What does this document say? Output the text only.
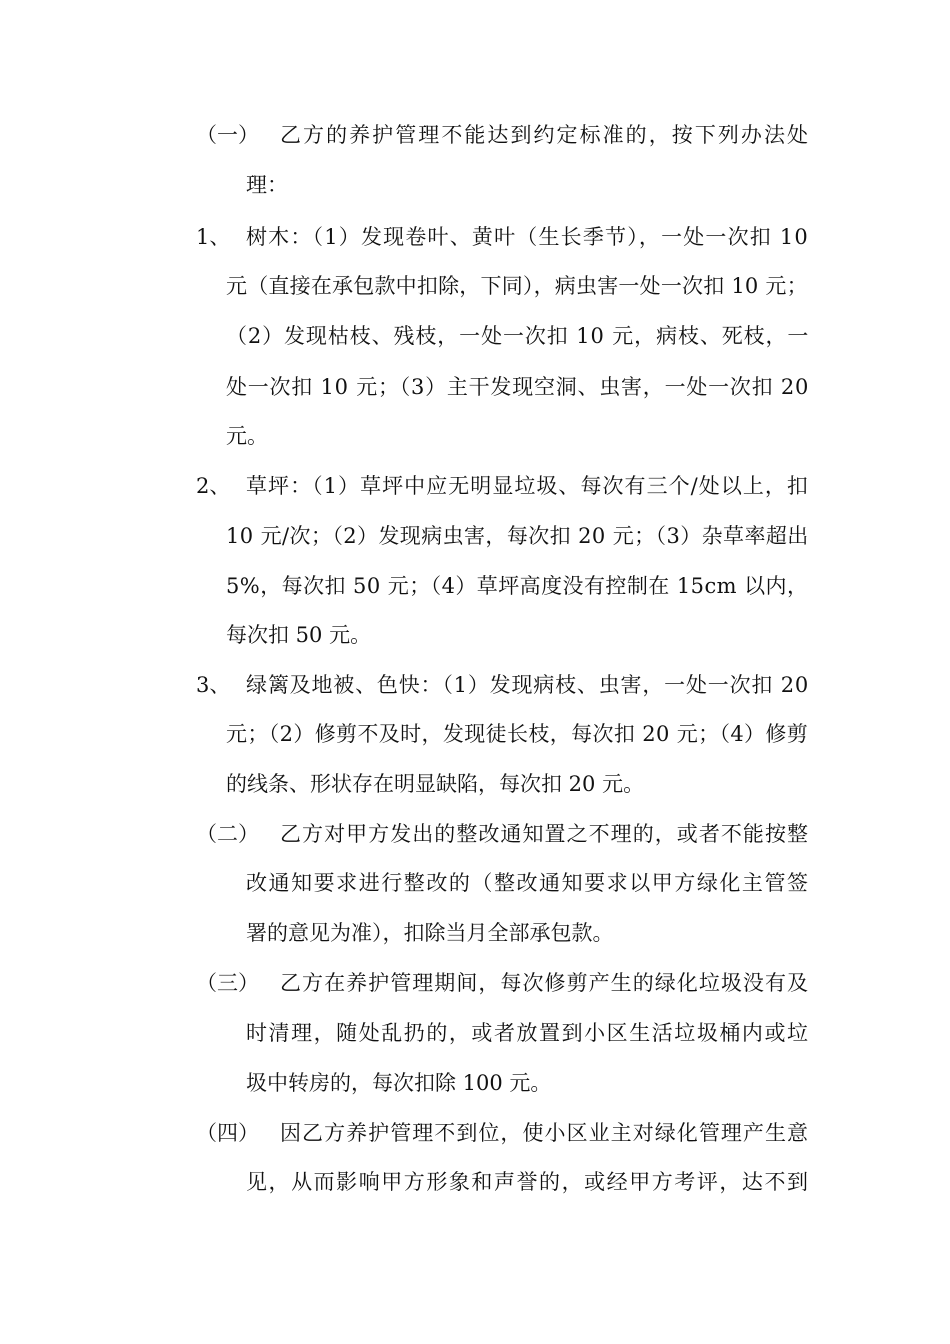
（一） 乙方的养护管理不能达到约定标准的，按下列办法处
理：
1、 树木：（1）发现卷叶、黄叶（生长季节），一处一次扣 10
元（直接在承包款中扣除，下同），病虫害一处一次扣 10 元；
（2）发现枯枝、残枝，一处一次扣 10 元，病枝、死枝，一
处一次扣 10 元；（3）主干发现空洞、虫害，一处一次扣 20
元。
2、 草坪：（1）草坪中应无明显垃圾、每次有三个/处以上，扣
10 元/次；（2）发现病虫害，每次扣 20 元；（3）杂草率超出
5%，每次扣 50 元；（4）草坪高度没有控制在 15cm 以内，
每次扣 50 元。
3、 绿篱及地被、色快：（1）发现病枝、虫害，一处一次扣 20
元；（2）修剪不及时，发现徒长枝，每次扣 20 元；（4）修剪
的线条、形状存在明显缺陷，每次扣 20 元。
（二） 乙方对甲方发出的整改通知置之不理的，或者不能按整
改通知要求进行整改的（整改通知要求以甲方绿化主管签
署的意见为准），扣除当月全部承包款。
（三） 乙方在养护管理期间，每次修剪产生的绿化垃圾没有及
时清理，随处乱扔的，或者放置到小区生活垃圾桶内或垃
圾中转房的，每次扣除 100 元。
（四） 因乙方养护管理不到位，使小区业主对绿化管理产生意
见，从而影响甲方形象和声誉的，或经甲方考评，达不到
